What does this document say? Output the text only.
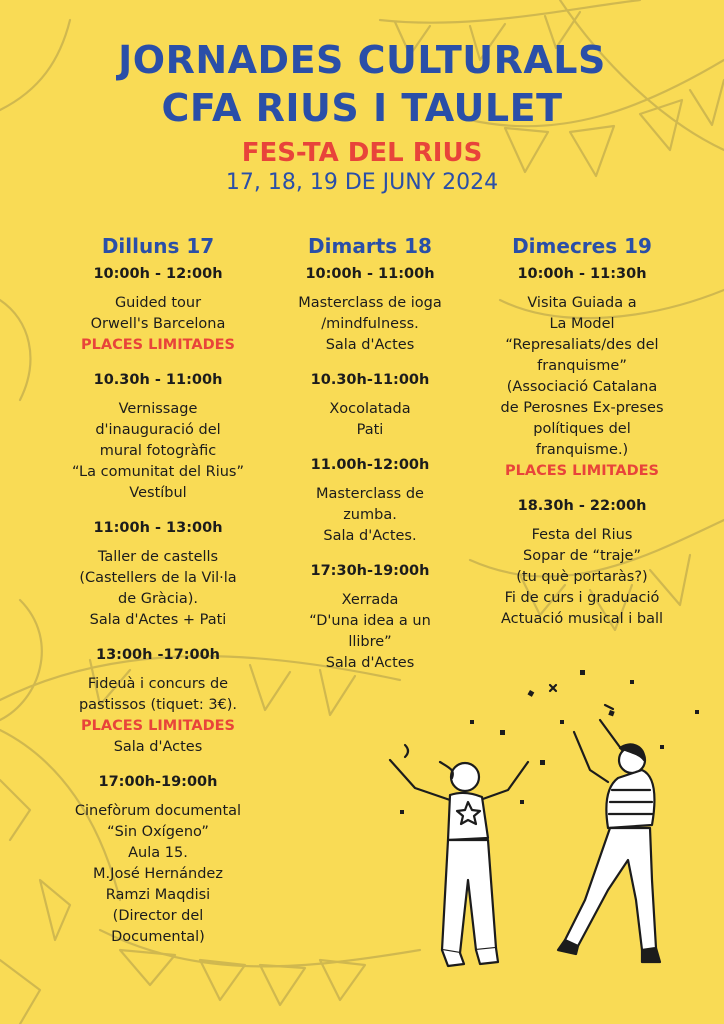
JORNADES CULTURALS
CFA RIUS I TAULET
FES-TA DEL RIUS
17, 18, 19 DE JUNY 2024
Dilluns 17
10:00h - 12:00h
Guided tour
Orwell's Barcelona
PLACES LIMITADES
10.30h - 11:00h
Vernissage
d'inauguració del
mural fotogràfic
“La comunitat del Rius”
Vestíbul
11:00h - 13:00h
Taller de castells
(Castellers de la Vil·la
de Gràcia).
Sala d'Actes + Pati
13:00h -17:00h
Fideuà i concurs de
pastissos (tiquet: 3€).
PLACES LIMITADES
Sala d'Actes
17:00h-19:00h
Cinefòrum documental
“Sin Oxígeno”
Aula 15.
M.José Hernández
Ramzi Maqdisi
(Director del
Documental)
Dimarts 18
10:00h - 11:00h
Masterclass de ioga
/mindfulness.
Sala d'Actes
10.30h-11:00h
Xocolatada
Pati
11.00h-12:00h
Masterclass de
zumba.
Sala d'Actes.
17:30h-19:00h
Xerrada
“D'una idea a un
llibre”
Sala d'Actes
Dimecres 19
10:00h - 11:30h
Visita Guiada a
La Model
“Represaliats/des del
franquisme”
(Associació Catalana
de Perosnes Ex-preses
polítiques del
franquisme.)
PLACES LIMITADES
18.30h - 22:00h
Festa del Rius
Sopar de “traje”
(tu què portaràs?)
Fi de curs i graduació
Actuació musical i ball
